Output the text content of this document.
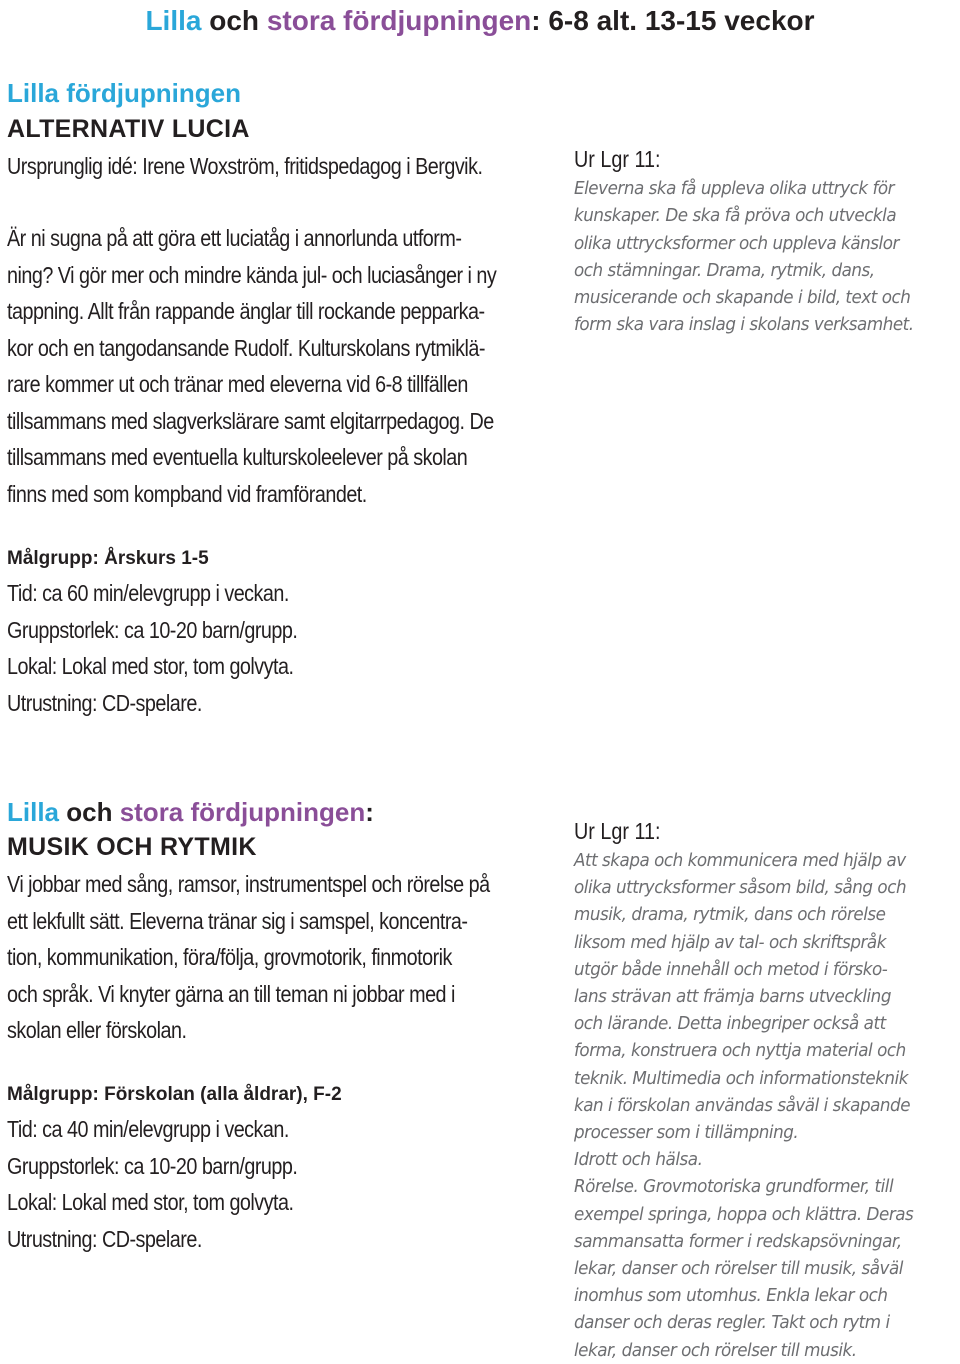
Lilla och stora fördjupningen: 6-8 alt. 13-15 veckor
Lilla fördjupningen
ALTERNATIV LUCIA
Ursprunglig idé: Irene Woxström, fritidspedagog i Bergvik.
Är ni sugna på att göra ett luciatåg i annorlunda utform-
ning? Vi gör mer och mindre kända jul- och luciasånger i ny
tappning. Allt från rappande änglar till rockande pepparka-
kor och en tangodansande Rudolf. Kulturskolans rytmiklä-
rare kommer ut och tränar med eleverna vid 6-8 tillfällen
tillsammans med slagverkslärare samt elgitarrpedagog. De
tillsammans med eventuella kulturskoleelever på skolan
finns med som kompband vid framförandet.
Målgrupp: Årskurs 1-5
Tid: ca 60 min/elevgrupp i veckan.
Gruppstorlek: ca 10-20 barn/grupp.
Lokal: Lokal med stor, tom golvyta.
Utrustning: CD-spelare.
Ur Lgr 11:
Eleverna ska få uppleva olika uttryck för
kunskaper. De ska få pröva och utveckla
olika uttrycksformer och uppleva känslor
och stämningar. Drama, rytmik, dans,
musicerande och skapande i bild, text och
form ska vara inslag i skolans verksamhet.
Lilla och stora fördjupningen:
MUSIK OCH RYTMIK
Vi jobbar med sång, ramsor, instrumentspel och rörelse på
ett lekfullt sätt. Eleverna tränar sig i samspel, koncentra-
tion, kommunikation, föra/följa, grovmotorik, finmotorik
och språk. Vi knyter gärna an till teman ni jobbar med i
skolan eller förskolan.
Målgrupp: Förskolan (alla åldrar), F-2
Tid: ca 40 min/elevgrupp i veckan.
Gruppstorlek: ca 10-20 barn/grupp.
Lokal: Lokal med stor, tom golvyta.
Utrustning: CD-spelare.
Ur Lgr 11:
Att skapa och kommunicera med hjälp av
olika uttrycksformer såsom bild, sång och
musik, drama, rytmik, dans och rörelse
liksom med hjälp av tal- och skriftspråk
utgör både innehåll och metod i försko-
lans strävan att främja barns utveckling
och lärande. Detta inbegriper också att
forma, konstruera och nyttja material och
teknik. Multimedia och informationsteknik
kan i förskolan användas såväl i skapande
processer som i tillämpning.
Idrott och hälsa.
Rörelse. Grovmotoriska grundformer, till
exempel springa, hoppa och klättra. Deras
sammansatta former i redskapsövningar,
lekar, danser och rörelser till musik, såväl
inomhus som utomhus. Enkla lekar och
danser och deras regler. Takt och rytm i
lekar, danser och rörelser till musik.
